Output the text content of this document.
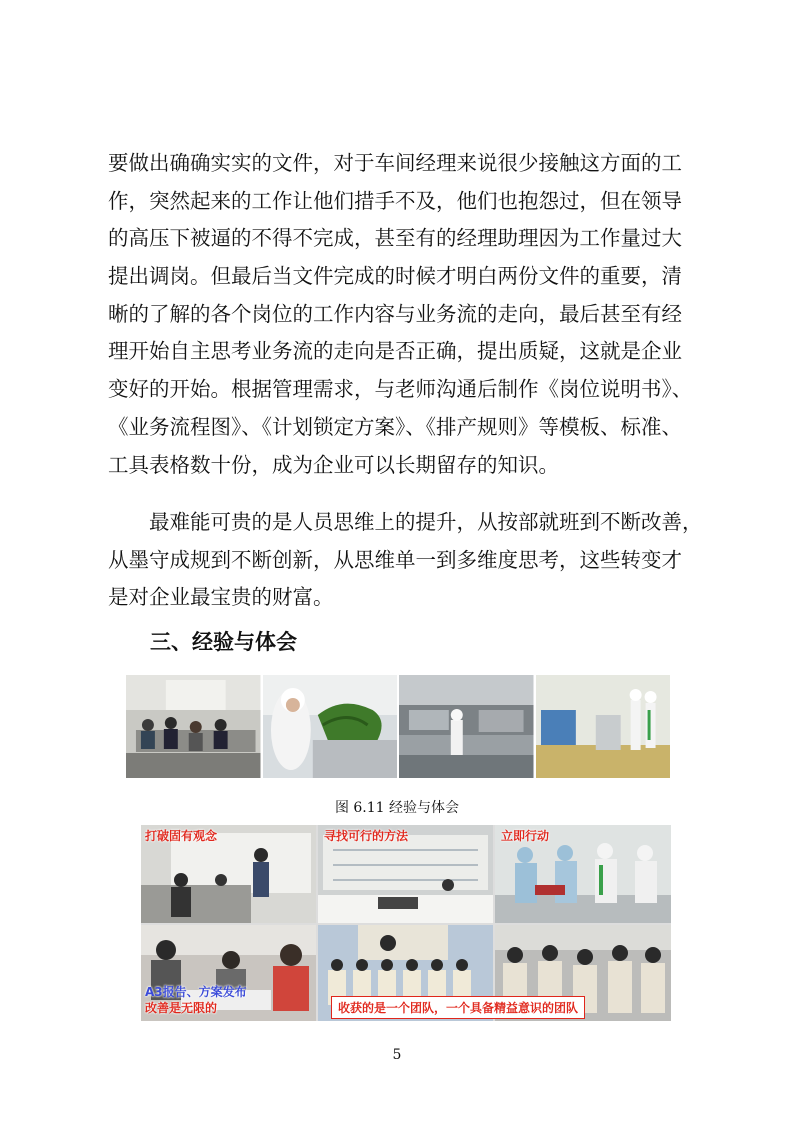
要做出确确实实的文件，对于车间经理来说很少接触这方面的工
作，突然起来的工作让他们措手不及，他们也抱怨过，但在领导
的高压下被逼的不得不完成，甚至有的经理助理因为工作量过大
提出调岗。但最后当文件完成的时候才明白两份文件的重要，清
晰的了解的各个岗位的工作内容与业务流的走向，最后甚至有经
理开始自主思考业务流的走向是否正确，提出质疑，这就是企业
变好的开始。根据管理需求，与老师沟通后制作《岗位说明书》、
《业务流程图》、《计划锁定方案》、《排产规则》等模板、标准、
工具表格数十份，成为企业可以长期留存的知识。
　　最难能可贵的是人员思维上的提升，从按部就班到不断改善，
从墨守成规到不断创新，从思维单一到多维度思考，这些转变才
是对企业最宝贵的财富。
三、经验与体会
图 6.11 经验与体会
打破固有观念	寻找可行的方法	立即行动
A3报告、方案发布
改善是无限的	收获的是一个团队，一个具备精益意识的团队
5
